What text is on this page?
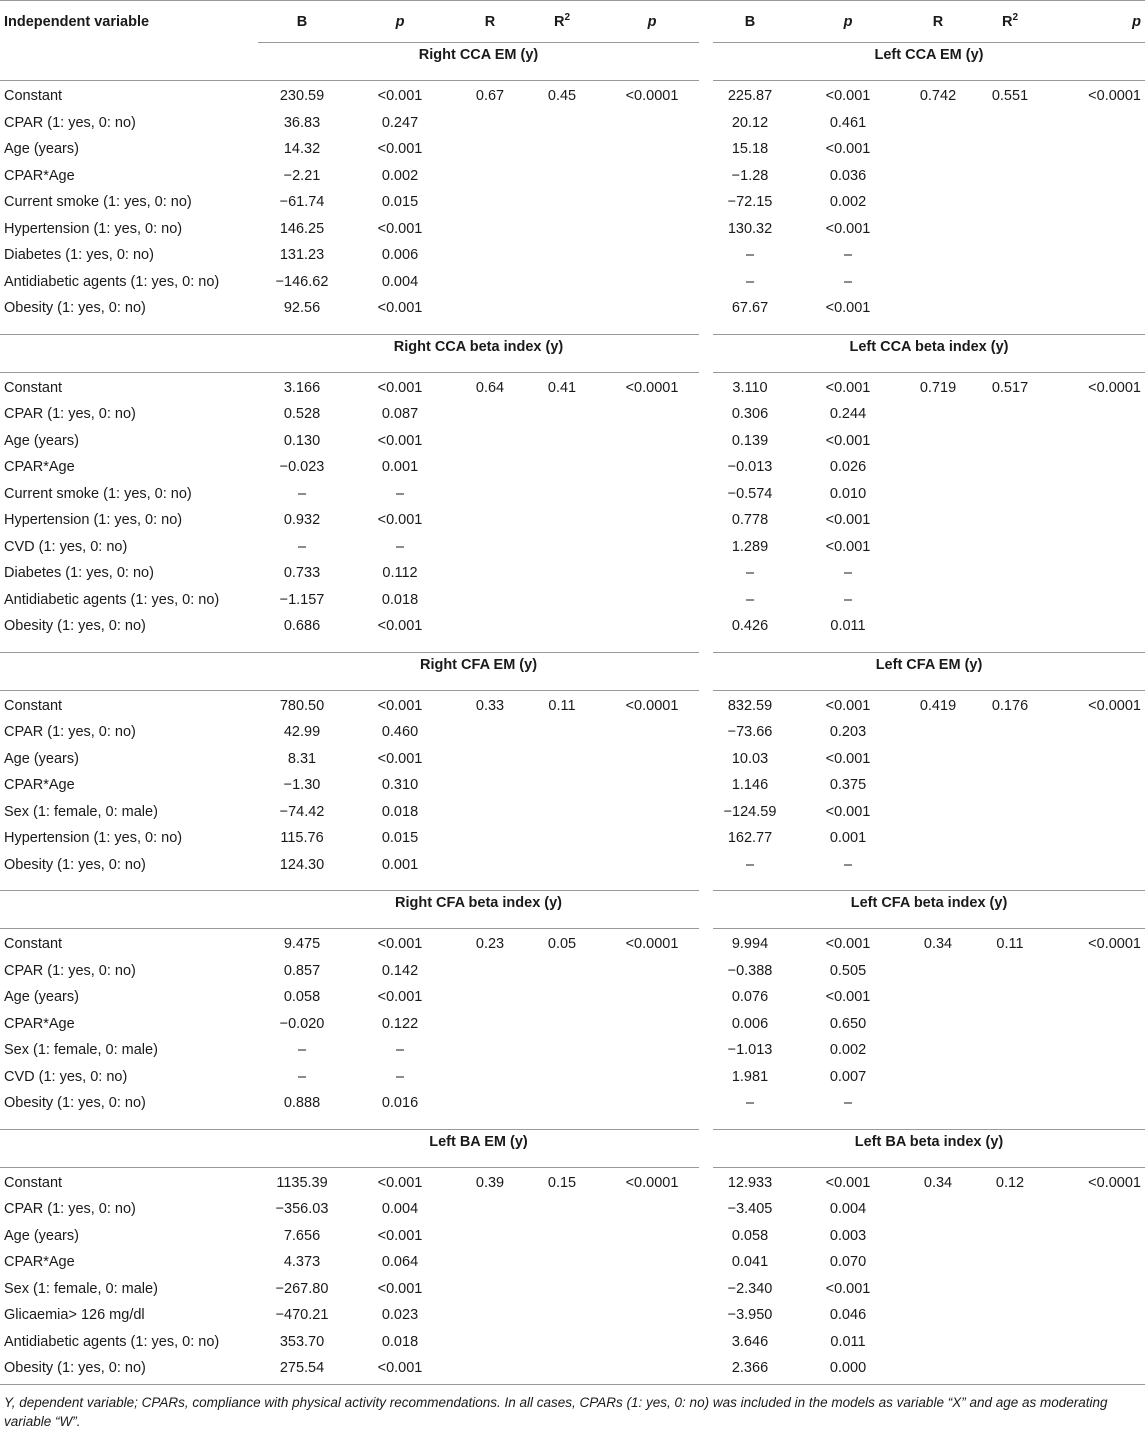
Independent variable	B	p	R	$R^2$	p	B	p	R	$R^2$	p
	Right CCA EM (y)					Left CCA EM (y)				
Constant	230.59	<0.001	0.67	0.45	<0.0001	225.87	<0.001	0.742	0.551	<0.0001
CPAR (1: yes, 0: no)	36.83	0.247				20.12	0.461			
Age (years)	14.32	<0.001				15.18	<0.001			
CPAR*Age	−2.21	0.002				−1.28	0.036			
Current smoke (1: yes, 0: no)	−61.74	0.015				−72.15	0.002			
Hypertension (1: yes, 0: no)	146.25	<0.001				130.32	<0.001			
Diabetes (1: yes, 0: no)	131.23	0.006				–	–			
Antidiabetic agents (1: yes, 0: no)	−146.62	0.004				–	–			
Obesity (1: yes, 0: no)	92.56	<0.001				67.67	<0.001			

	Right CCA beta index (y)					Left CCA beta index (y)				
Constant	3.166	<0.001	0.64	0.41	<0.0001	3.110	<0.001	0.719	0.517	<0.0001
CPAR (1: yes, 0: no)	0.528	0.087				0.306	0.244			
Age (years)	0.130	<0.001				0.139	<0.001			
CPAR*Age	−0.023	0.001				−0.013	0.026			
Current smoke (1: yes, 0: no)	–	–				−0.574	0.010			
Hypertension (1: yes, 0: no)	0.932	<0.001				0.778	<0.001			
CVD (1: yes, 0: no)	–	–				1.289	<0.001			
Diabetes (1: yes, 0: no)	0.733	0.112				–	–			
Antidiabetic agents (1: yes, 0: no)	−1.157	0.018				–	–			
Obesity (1: yes, 0: no)	0.686	<0.001				0.426	0.011			

	Right CFA EM (y)					Left CFA EM (y)				
Constant	780.50	<0.001	0.33	0.11	<0.0001	832.59	<0.001	0.419	0.176	<0.0001
CPAR (1: yes, 0: no)	42.99	0.460				−73.66	0.203			
Age (years)	8.31	<0.001				10.03	<0.001			
CPAR*Age	−1.30	0.310				1.146	0.375			
Sex (1: female, 0: male)	−74.42	0.018				−124.59	<0.001			
Hypertension (1: yes, 0: no)	115.76	0.015				162.77	0.001			
Obesity (1: yes, 0: no)	124.30	0.001				–	–			

	Right CFA beta index (y)					Left CFA beta index (y)				
Constant	9.475	<0.001	0.23	0.05	<0.0001	9.994	<0.001	0.34	0.11	<0.0001
CPAR (1: yes, 0: no)	0.857	0.142				−0.388	0.505			
Age (years)	0.058	<0.001				0.076	<0.001			
CPAR*Age	−0.020	0.122				0.006	0.650			
Sex (1: female, 0: male)	–	–				−1.013	0.002			
CVD (1: yes, 0: no)	–	–				1.981	0.007			
Obesity (1: yes, 0: no)	0.888	0.016				–	–			

	Left BA EM (y)					Left BA beta index (y)				
Constant	1135.39	<0.001	0.39	0.15	<0.0001	12.933	<0.001	0.34	0.12	<0.0001
CPAR (1: yes, 0: no)	−356.03	0.004				−3.405	0.004			
Age (years)	7.656	<0.001				0.058	0.003			
CPAR*Age	4.373	0.064				0.041	0.070			
Sex (1: female, 0: male)	−267.80	<0.001				−2.340	<0.001			
Glicaemia> 126 mg/dl	−470.21	0.023				−3.950	0.046			
Antidiabetic agents (1: yes, 0: no)	353.70	0.018				3.646	0.011			
Obesity (1: yes, 0: no)	275.54	<0.001				2.366	0.000			
Y, dependent variable; CPARs, compliance with physical activity recommendations. In all cases, CPARs (1: yes, 0: no) was included in the models as variable “X” and age as moderating variable “W”.										
